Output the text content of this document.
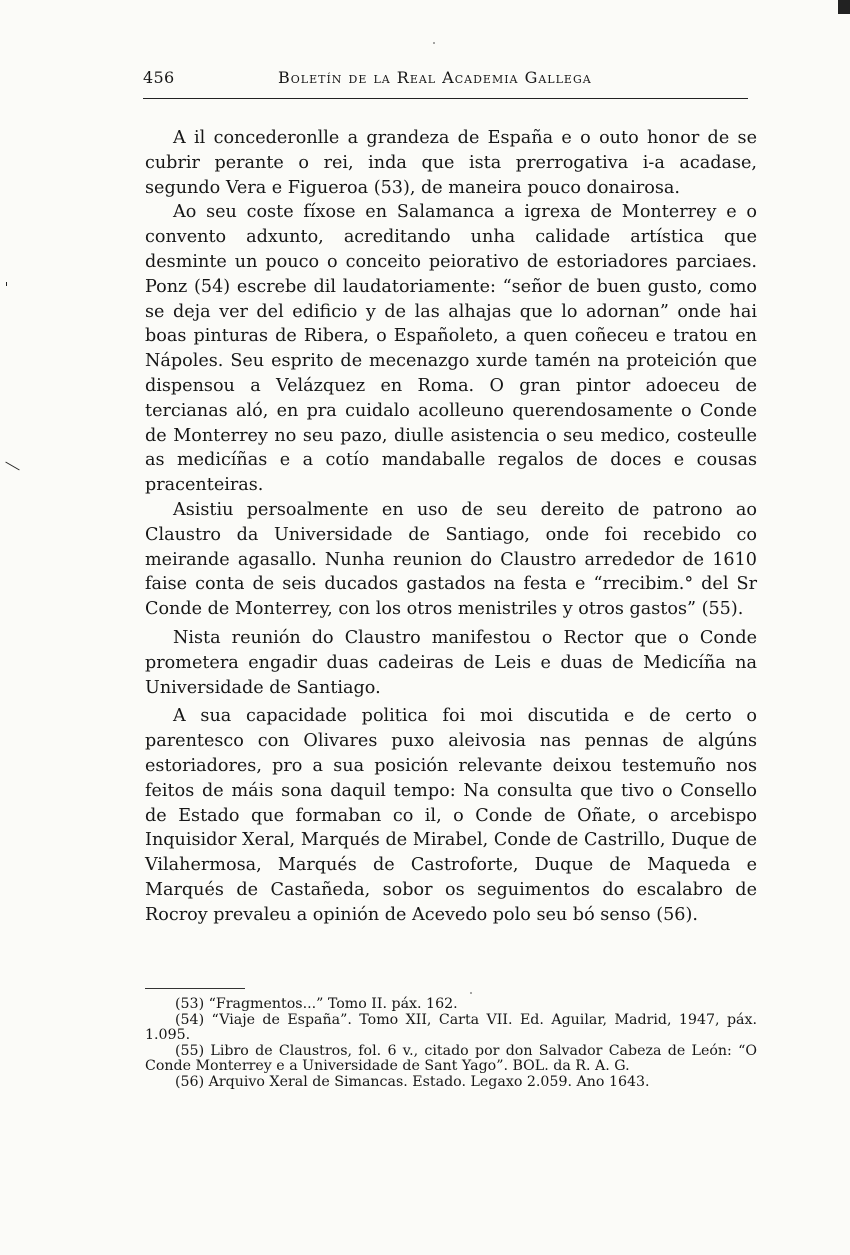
456	Boletín de la Real Academia Gallega

A il concederonlle a grandeza de España e o outo honor de se cubrir perante o rei, inda que ista prerrogativa i-a acadase, segundo Vera e Figueroa (53), de maneira pouco donairosa.

Ao seu coste fíxose en Salamanca a igrexa de Monterrey e o convento adxunto, acreditando unha calidade artística que desminte un pouco o conceito peiorativo de estoriadores parciaes. Ponz (54) escrebe dil laudatoriamente: “señor de buen gusto, como se deja ver del edificio y de las alhajas que lo adornan” onde hai boas pinturas de Ribera, o Españoleto, a quen coñeceu e tratou en Nápoles. Seu esprito de mecenazgo xurde tamén na proteición que dispensou a Velázquez en Roma. O gran pintor adoeceu de tercianas aló, en pra cuidalo acolleuno querendosamente o Conde de Monterrey no seu pazo, diulle asistencia o seu medico, costeulle as medicíñas e a cotío mandaballe regalos de doces e cousas pracenteiras.

Asistiu persoalmente en uso de seu dereito de patrono ao Claustro da Universidade de Santiago, onde foi recebido co meirande agasallo. Nunha reunion do Claustro arrededor de 1610 faise conta de seis ducados gastados na festa e “rrecibim.° del Sr Conde de Monterrey, con los otros menistriles y otros gastos” (55).

Nista reunión do Claustro manifestou o Rector que o Conde prometera engadir duas cadeiras de Leis e duas de Medicíña na Universidade de Santiago.

A sua capacidade politica foi moi discutida e de certo o parentesco con Olivares puxo aleivosia nas pennas de algúns estoriadores, pro a sua posición relevante deixou testemuño nos feitos de máis sona daquil tempo: Na consulta que tivo o Consello de Estado que formaban co il, o Conde de Oñate, o arcebispo Inquisidor Xeral, Marqués de Mirabel, Conde de Castrillo, Duque de Vilahermosa, Marqués de Castroforte, Duque de Maqueda e Marqués de Castañeda, sobor os seguimentos do escalabro de Rocroy prevaleu a opinión de Acevedo polo seu bó senso (56).

(53) “Fragmentos...” Tomo II. páx. 162.

(54) “Viaje de España”. Tomo XII, Carta VII. Ed. Aguilar, Madrid, 1947, páx. 1.095.

(55) Libro de Claustros, fol. 6 v., citado por don Salvador Cabeza de León: “O Conde Monterrey e a Universidade de Sant Yago”. BOL. da R. A. G.

(56) Arquivo Xeral de Simancas. Estado. Legaxo 2.059. Ano 1643.
